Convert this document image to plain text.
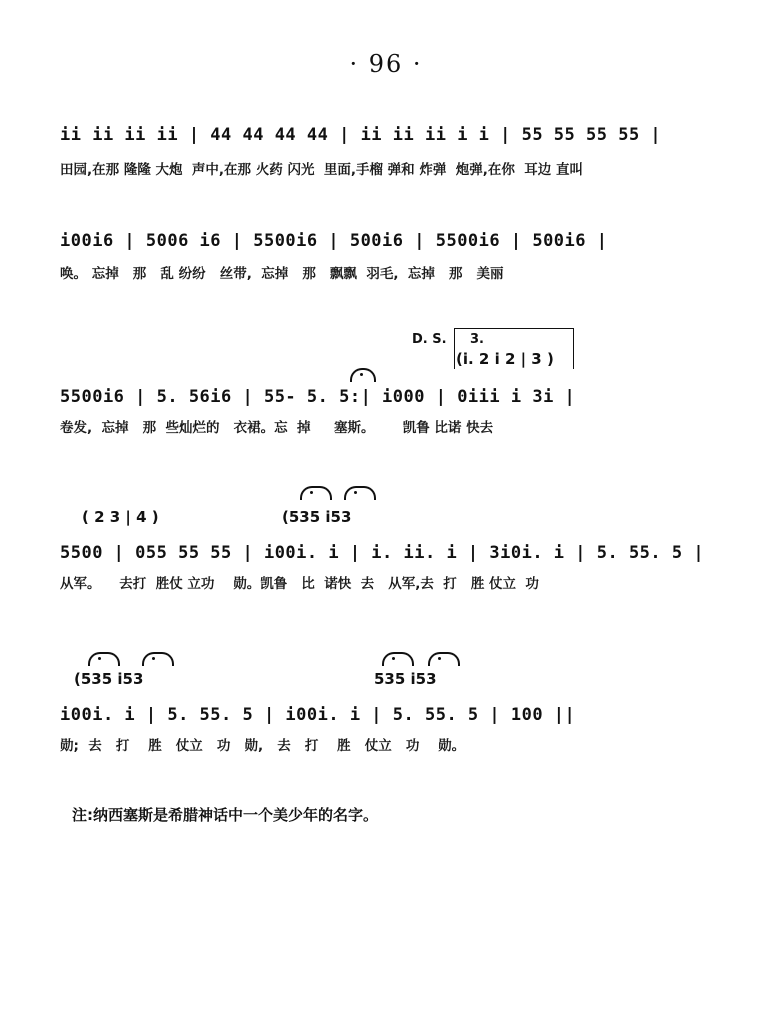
· 96 ·
ii ii ii ii | 44 44 44 44 | ii ii ii i i | 55 55 55 55 |
田园,在那 隆隆 大炮  声中,在那 火药 闪光  里面,手榴 弹和 炸弹  炮弹,在你  耳边 直叫
i00i6 | 5006 i6 | 5500i6 | 500i6 | 5500i6 | 500i6 |
唤。 忘掉   那   乱 纷纷   丝带,  忘掉   那   飘飘  羽毛,  忘掉   那   美丽
D. S. 3.
(i. 2 i 2 | 3 )
5500i6 | 5. 56i6 | 55- 5. 5:| i000 | 0iii i 3i |
卷发,  忘掉   那  些灿烂的   衣裙。忘  掉     塞斯。      凯鲁 比诺 快去
( 2 3 | 4 )	(535 i53
5500 | 055 55 55 | i00i. i | i. ii. i | 3i0i. i | 5. 55. 5 |
从军。    去打  胜仗 立功    勋。凯鲁   比  诺快  去   从军,去  打   胜 仗立  功
(535 i53	535 i53
i00i. i | 5. 55. 5 | i00i. i | 5. 55. 5 | 100 ||
勋;  去   打    胜   仗立   功   勋,   去   打    胜   仗立   功    勋。
注:纳西塞斯是希腊神话中一个美少年的名字。
